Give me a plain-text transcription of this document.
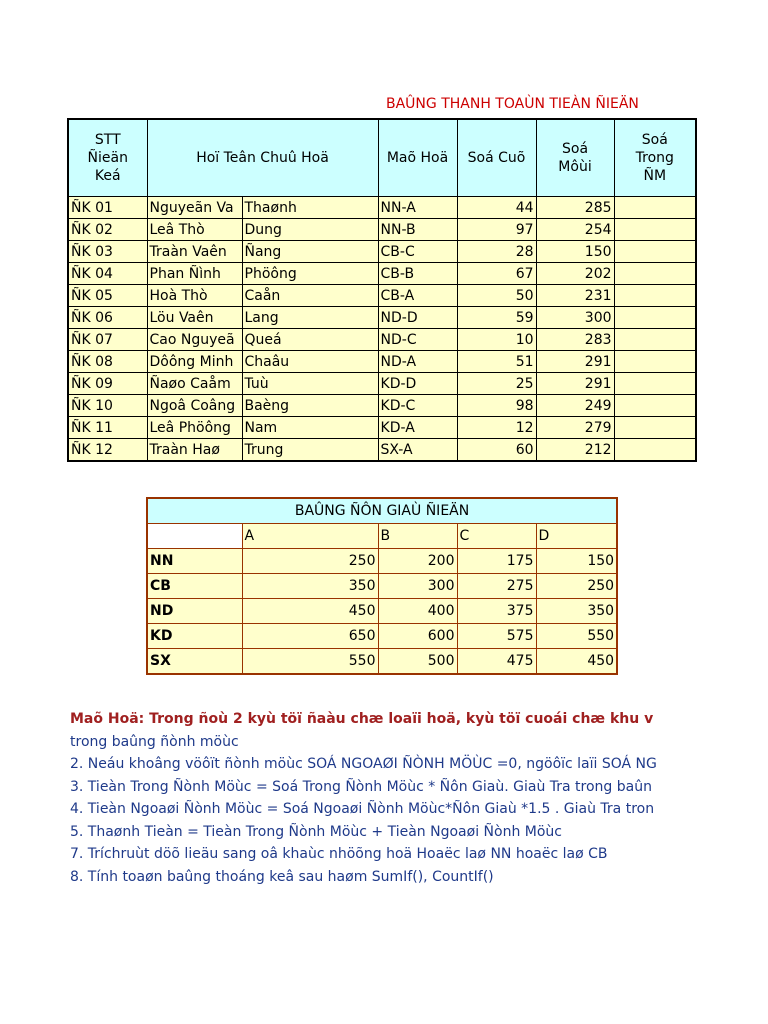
BAÛNG THANH TOAÙN TIEÀN ÑIEÄN
STT Ñieän Keá	Hoï Teân Chuû Hoä		Maõ Hoä	Soá Cuõ	Soá Môùi	Soá Trong ÑM
ÑK 01	Nguyeãn Va	Thaønh	NN-A	44	285	
ÑK 02	Leâ Thò	Dung	NN-B	97	254	
ÑK 03	Traàn Vaên	Ñang	CB-C	28	150	
ÑK 04	Phan Ñình	Phöông	CB-B	67	202	
ÑK 05	Hoà Thò	Caån	CB-A	50	231	
ÑK 06	Löu Vaên	Lang	ND-D	59	300	
ÑK 07	Cao Nguyeã	Queá	ND-C	10	283	
ÑK 08	Dôông Minh	Chaâu	ND-A	51	291	
ÑK 09	Ñaøo Caåm	Tuù	KD-D	25	291	
ÑK 10	Ngoâ Coâng	Baèng	KD-C	98	249	
ÑK 11	Leâ Phöông	Nam	KD-A	12	279	
ÑK 12	Traàn Haø	Trung	SX-A	60	212	
BAÛNG ÑÔN GIAÙ ÑIEÄN				
	A	B	C	D
NN	250	200	175	150
CB	350	300	275	250
ND	450	400	375	350
KD	650	600	575	550
SX	550	500	475	450
Maõ Hoä: Trong ñoù 2 kyù töï ñaàu chæ loaïi hoä, kyù töï cuoái chæ khu v
trong baûng ñònh möùc
2. Neáu khoâng vöôït ñònh möùc SOÁ NGOAØI ÑÒNH MÖÙC =0, ngöôïc laïi SOÁ NG
3. Tieàn Trong Ñònh Möùc = Soá Trong Ñònh Möùc * Ñôn Giaù. Giaù Tra trong baûn
4. Tieàn Ngoaøi Ñònh Möùc = Soá Ngoaøi Ñònh Möùc*Ñôn Giaù *1.5 . Giaù Tra tron
5. Thaønh Tieàn = Tieàn Trong Ñònh Möùc + Tieàn Ngoaøi Ñònh Möùc
7. Tríchruùt döõ lieäu sang oâ khaùc nhöõng hoä Hoaëc laø NN hoaëc laø CB
8. Tính toaøn baûng thoáng keâ sau haøm SumIf(), CountIf()
